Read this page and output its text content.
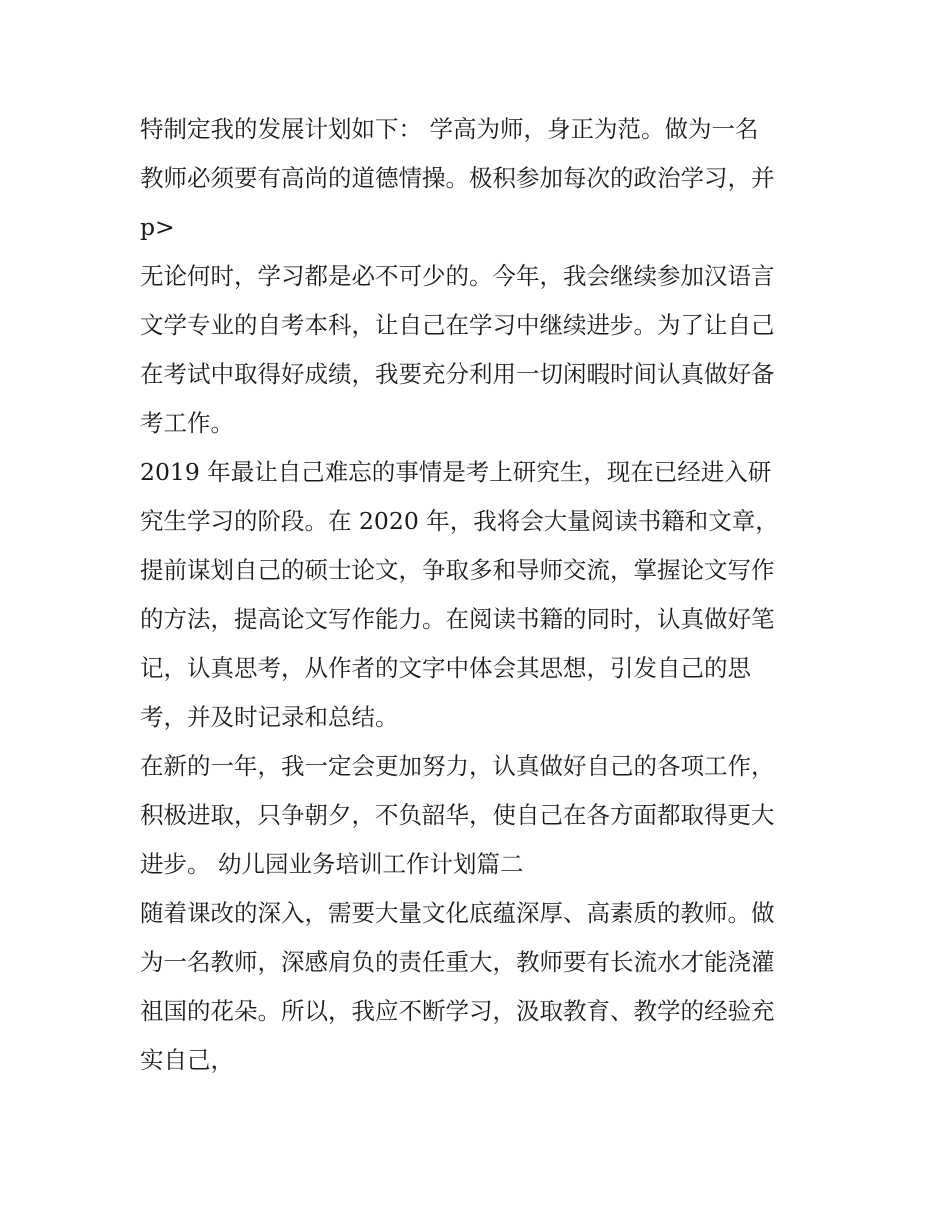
特制定我的发展计划如下： 学高为师，身正为范。做为一名
教师必须要有高尚的道德情操。极积参加每次的政治学习，并
p>
无论何时，学习都是必不可少的。今年，我会继续参加汉语言
文学专业的自考本科，让自己在学习中继续进步。为了让自己
在考试中取得好成绩，我要充分利用一切闲暇时间认真做好备
考工作。
2019 年最让自己难忘的事情是考上研究生，现在已经进入研
究生学习的阶段。在 2020 年，我将会大量阅读书籍和文章，
提前谋划自己的硕士论文，争取多和导师交流，掌握论文写作
的方法，提高论文写作能力。在阅读书籍的同时，认真做好笔
记，认真思考，从作者的文字中体会其思想，引发自己的思
考，并及时记录和总结。
在新的一年，我一定会更加努力，认真做好自己的各项工作，
积极进取，只争朝夕，不负韶华，使自己在各方面都取得更大
进步。 幼儿园业务培训工作计划篇二
随着课改的深入，需要大量文化底蕴深厚、高素质的教师。做
为一名教师，深感肩负的责任重大，教师要有长流水才能浇灌
祖国的花朵。所以，我应不断学习，汲取教育、教学的经验充
实自己，
